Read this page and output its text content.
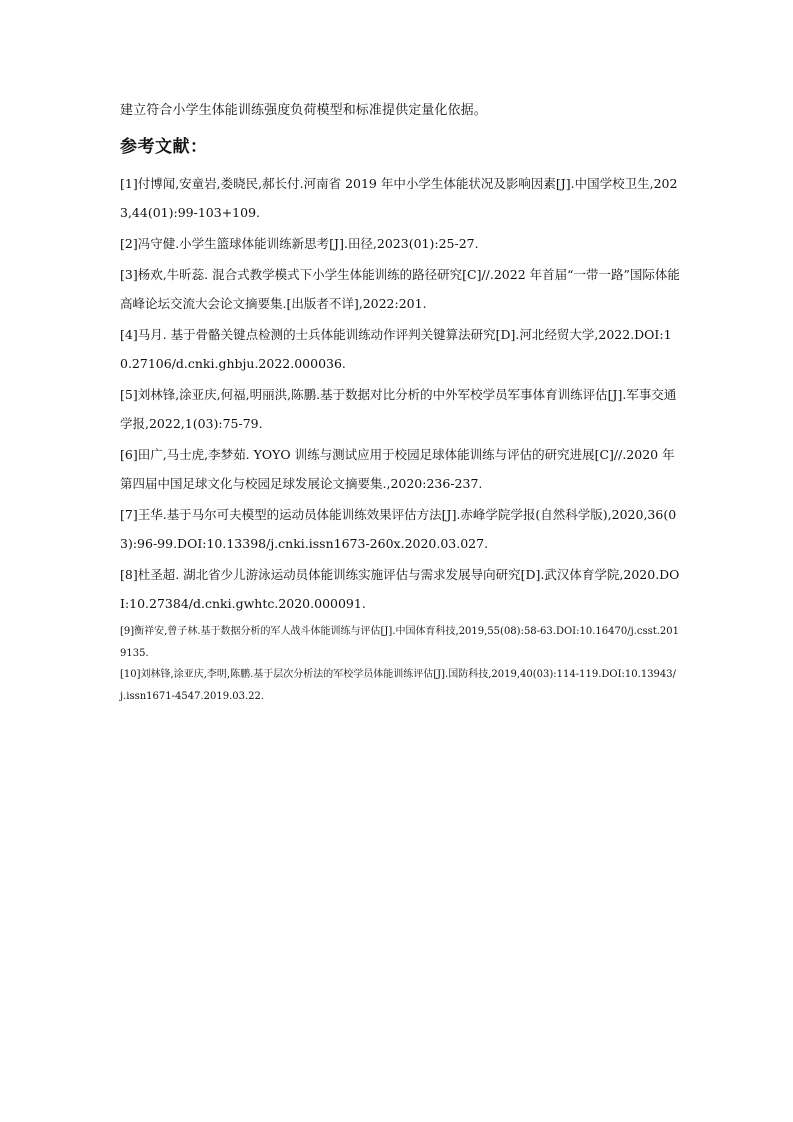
建立符合小学生体能训练强度负荷模型和标准提供定量化依据。
参考文献：
[1]付博闻,安童岩,娄晓民,郝长付.河南省 2019 年中小学生体能状况及影响因素[J].中国学校卫生,2023,44(01):99-103+109.
[2]冯守健.小学生篮球体能训练新思考[J].田径,2023(01):25-27.
[3]杨欢,牛昕蕊. 混合式教学模式下小学生体能训练的路径研究[C]//.2022 年首届“一带一路”国际体能高峰论坛交流大会论文摘要集.[出版者不详],2022:201.
[4]马月. 基于骨骼关键点检测的士兵体能训练动作评判关键算法研究[D].河北经贸大学,2022.DOI:10.27106/d.cnki.ghbju.2022.000036.
[5]刘林锋,涂亚庆,何福,明丽洪,陈鹏.基于数据对比分析的中外军校学员军事体育训练评估[J].军事交通学报,2022,1(03):75-79.
[6]田广,马士虎,李梦茹. YOYO 训练与测试应用于校园足球体能训练与评估的研究进展[C]//.2020 年第四届中国足球文化与校园足球发展论文摘要集.,2020:236-237.
[7]王华.基于马尔可夫模型的运动员体能训练效果评估方法[J].赤峰学院学报(自然科学版),2020,36(03):96-99.DOI:10.13398/j.cnki.issn1673-260x.2020.03.027.
[8]杜圣超. 湖北省少儿游泳运动员体能训练实施评估与需求发展导向研究[D].武汉体育学院,2020.DOI:10.27384/d.cnki.gwhtc.2020.000091.
[9]衡祥安,曾子林.基于数据分析的军人战斗体能训练与评估[J].中国体育科技,2019,55(08):58-63.DOI:10.16470/j.csst.2019135.
[10]刘林锋,涂亚庆,李明,陈鹏.基于层次分析法的军校学员体能训练评估[J].国防科技,2019,40(03):114-119.DOI:10.13943/j.issn1671-4547.2019.03.22.
